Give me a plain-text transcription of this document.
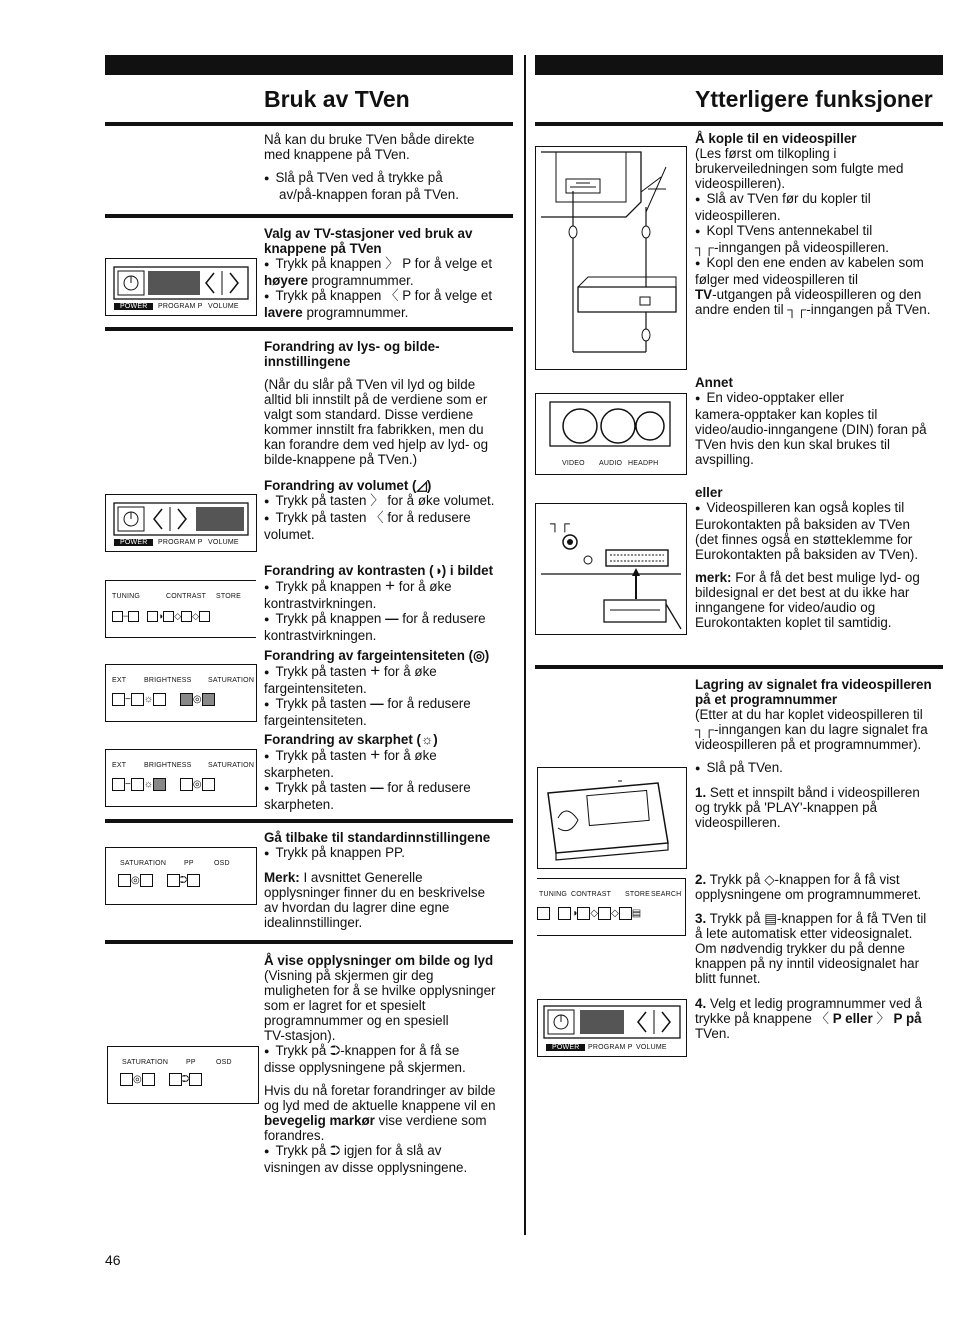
Bruk av TVen	Ytterligere funksjoner

Nå kan du bruke TVen både direkte

med knappene på TVen.

● Slå på TVen ved å trykke på

av/på-knappen foran på TVen.

Valg av TV-stasjoner ved bruk av

knappene på TVen

● Trykk på knappen 〉 P for å velge et

høyere programnummer.

● Trykk på knappen 〈 P for å velge et

lavere programnummer.

Forandring av lys- og bilde-

innstillingene

(Når du slår på TVen vil lyd og bilde

alltid bli innstilt på de verdiene som er

valgt som standard. Disse verdiene

kommer innstilt fra fabrikken, men du

kan forandre dem ved hjelp av lyd- og

bilde-knappene på TVen.)

Forandring av volumet (◿)

● Trykk på tasten 〉 for å øke volumet.

● Trykk på tasten 〈 for å redusere

volumet.

Forandring av kontrasten (◑) i bildet

● Trykk på knappen + for å øke

kontrastvirkningen.

● Trykk på knappen — for å redusere

kontrastvirkningen.

Forandring av fargeintensiteten (◎)

● Trykk på tasten + for å øke

fargeintensiteten.

● Trykk på tasten — for å redusere

fargeintensiteten.

Forandring av skarphet (☼)

● Trykk på tasten + for å øke

skarpheten.

● Trykk på tasten — for å redusere

skarpheten.

Gå tilbake til standardinnstillingene

● Trykk på knappen PP.

Merk: I avsnittet Generelle

opplysninger finner du en beskrivelse

av hvordan du lagrer dine egne

idealinnstillinger.

Å vise opplysninger om bilde og lyd

(Visning på skjermen gir deg

muligheten for å se hvilke opplysninger

som er lagret for et spesielt

programnummer og en spesiell

TV-stasjon).

● Trykk på ⮊-knappen for å få se

disse opplysningene på skjermen.

Hvis du nå foretar forandringer av bilde

og lyd med de aktuelle knappene vil en

bevegelig markør vise verdiene som

forandres.

● Trykk på ⮊ igjen for å slå av

visningen av disse opplysningene.

POWER	PROGRAM P VOLUME
POWER	PROGRAM P VOLUME
TUNING	CONTRAST STORE
−	◑ ◇ ◇
EXT	BRIGHTNESS SATURATION
− ☼	◎
EXT	BRIGHTNESS SATURATION
− ☼	◎
SATURATION	PP	OSD
◎	⮊
SATURATION	PP	OSD
◎	⮊

Å kople til en videospiller

(Les først om tilkopling i

brukerveiledningen som fulgte med

videospilleren).

● Slå av TVen før du kopler til

videospilleren.

● Kopl TVens antennekabel til

┐┌-inngangen på videospilleren.

● Kopl den ene enden av kabelen som

følger med videospilleren til

TV-utgangen på videospilleren og den

andre enden til ┐┌-inngangen på TVen.

Annet

● En video-opptaker eller

kamera-opptaker kan koples til

video/audio-inngangene (DIN) foran på

TVen hvis den kun skal brukes til

avspilling.

eller

● Videospilleren kan også koples til

Eurokontakten på baksiden av TVen

(det finnes også en støtteklemme for

Eurokontakten på baksiden av TVen).

merk: For å få det best mulige lyd- og

bildesignal er det best at du ikke har

inngangene for video/audio og

Eurokontakten koplet til samtidig.

Lagring av signalet fra videospilleren

på et programnummer

(Etter at du har koplet videospilleren til

┐┌-inngangen kan du lagre signalet fra

videospilleren på et programnummer).

● Slå på TVen.

1. Sett et innspilt bånd i videospilleren

og trykk på 'PLAY'-knappen på

videospilleren.

2. Trykk på ◇-knappen for å få vist

opplysningene om programnummeret.

3. Trykk på ▤-knappen for å få TVen til

å lete automatisk etter videosignalet.

Om nødvendig trykker du på denne

knappen på ny inntil videosignalet har

blitt funnet.

4. Velg et ledig programnummer ved å

trykke på knappene 〈 P eller 〉 P på

TVen.

VIDEO AUDIO HEADPH
┐┌
TUNING CONTRAST STORE SEARCH
◑ ◇ ◇ ▤
POWER	PROGRAM P VOLUME
46
